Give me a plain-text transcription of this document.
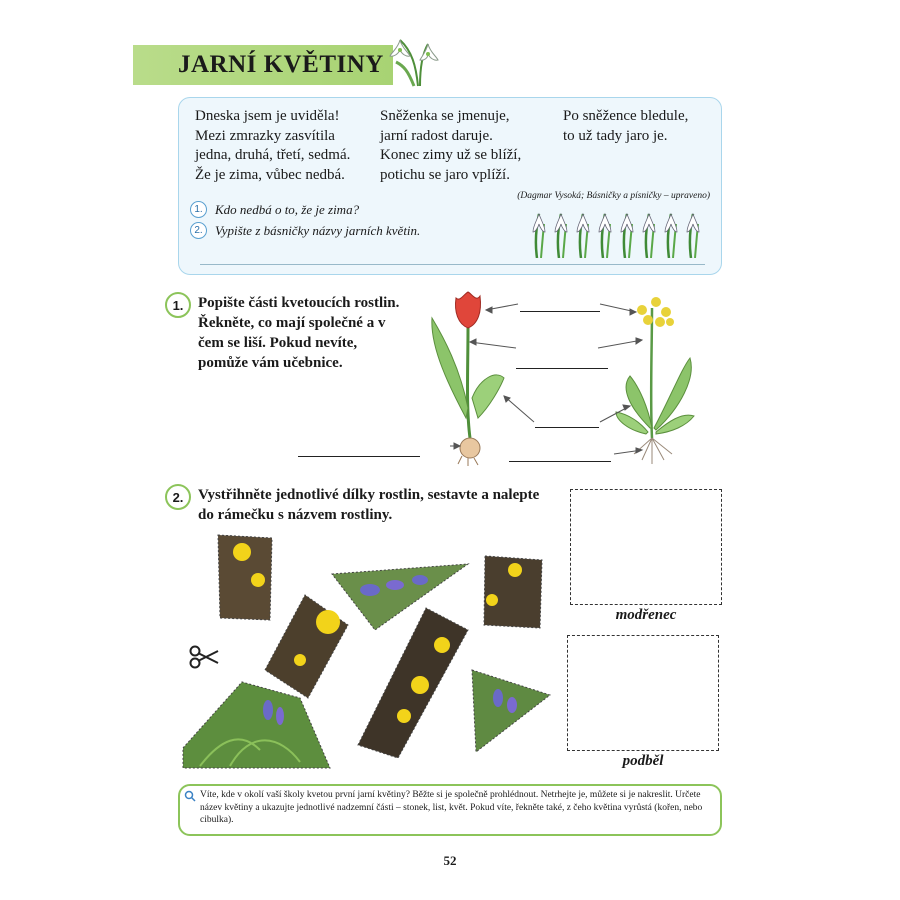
JARNÍ KVĚTINY
Dneska jsem je uviděla!
Mezi zmrazky zasvítila
jedna, druhá, třetí, sedmá.
Že je zima, vůbec nedbá.
Sněženka se jmenuje,
jarní radost daruje.
Konec zimy už se blíží,
potichu se jaro vplíží.
Po sněžence bledule,
to už tady jaro je.
(Dagmar Vysoká; Básničky a písničky – upraveno)
1. Kdo nedbá o to, že je zima?
2. Vypište z básničky názvy jarních květin.
1. Popište části kvetoucích rostlin. Řekněte, co mají společné a v čem se liší. Pokud nevíte, pomůže vám učebnice.
2. Vystřihněte jednotlivé dílky rostlin, sestavte a nalepte do rámečku s názvem rostliny.
modřenec
podběl
Víte, kde v okolí vaší školy kvetou první jarní květiny? Běžte si je společně prohlédnout. Netrhejte je, můžete si je nakreslit. Určete název květiny a ukazujte jednotlivé nadzemní části – stonek, list, květ. Pokud víte, řekněte také, z čeho květina vyrůstá (kořen, nebo cibulka).
52
